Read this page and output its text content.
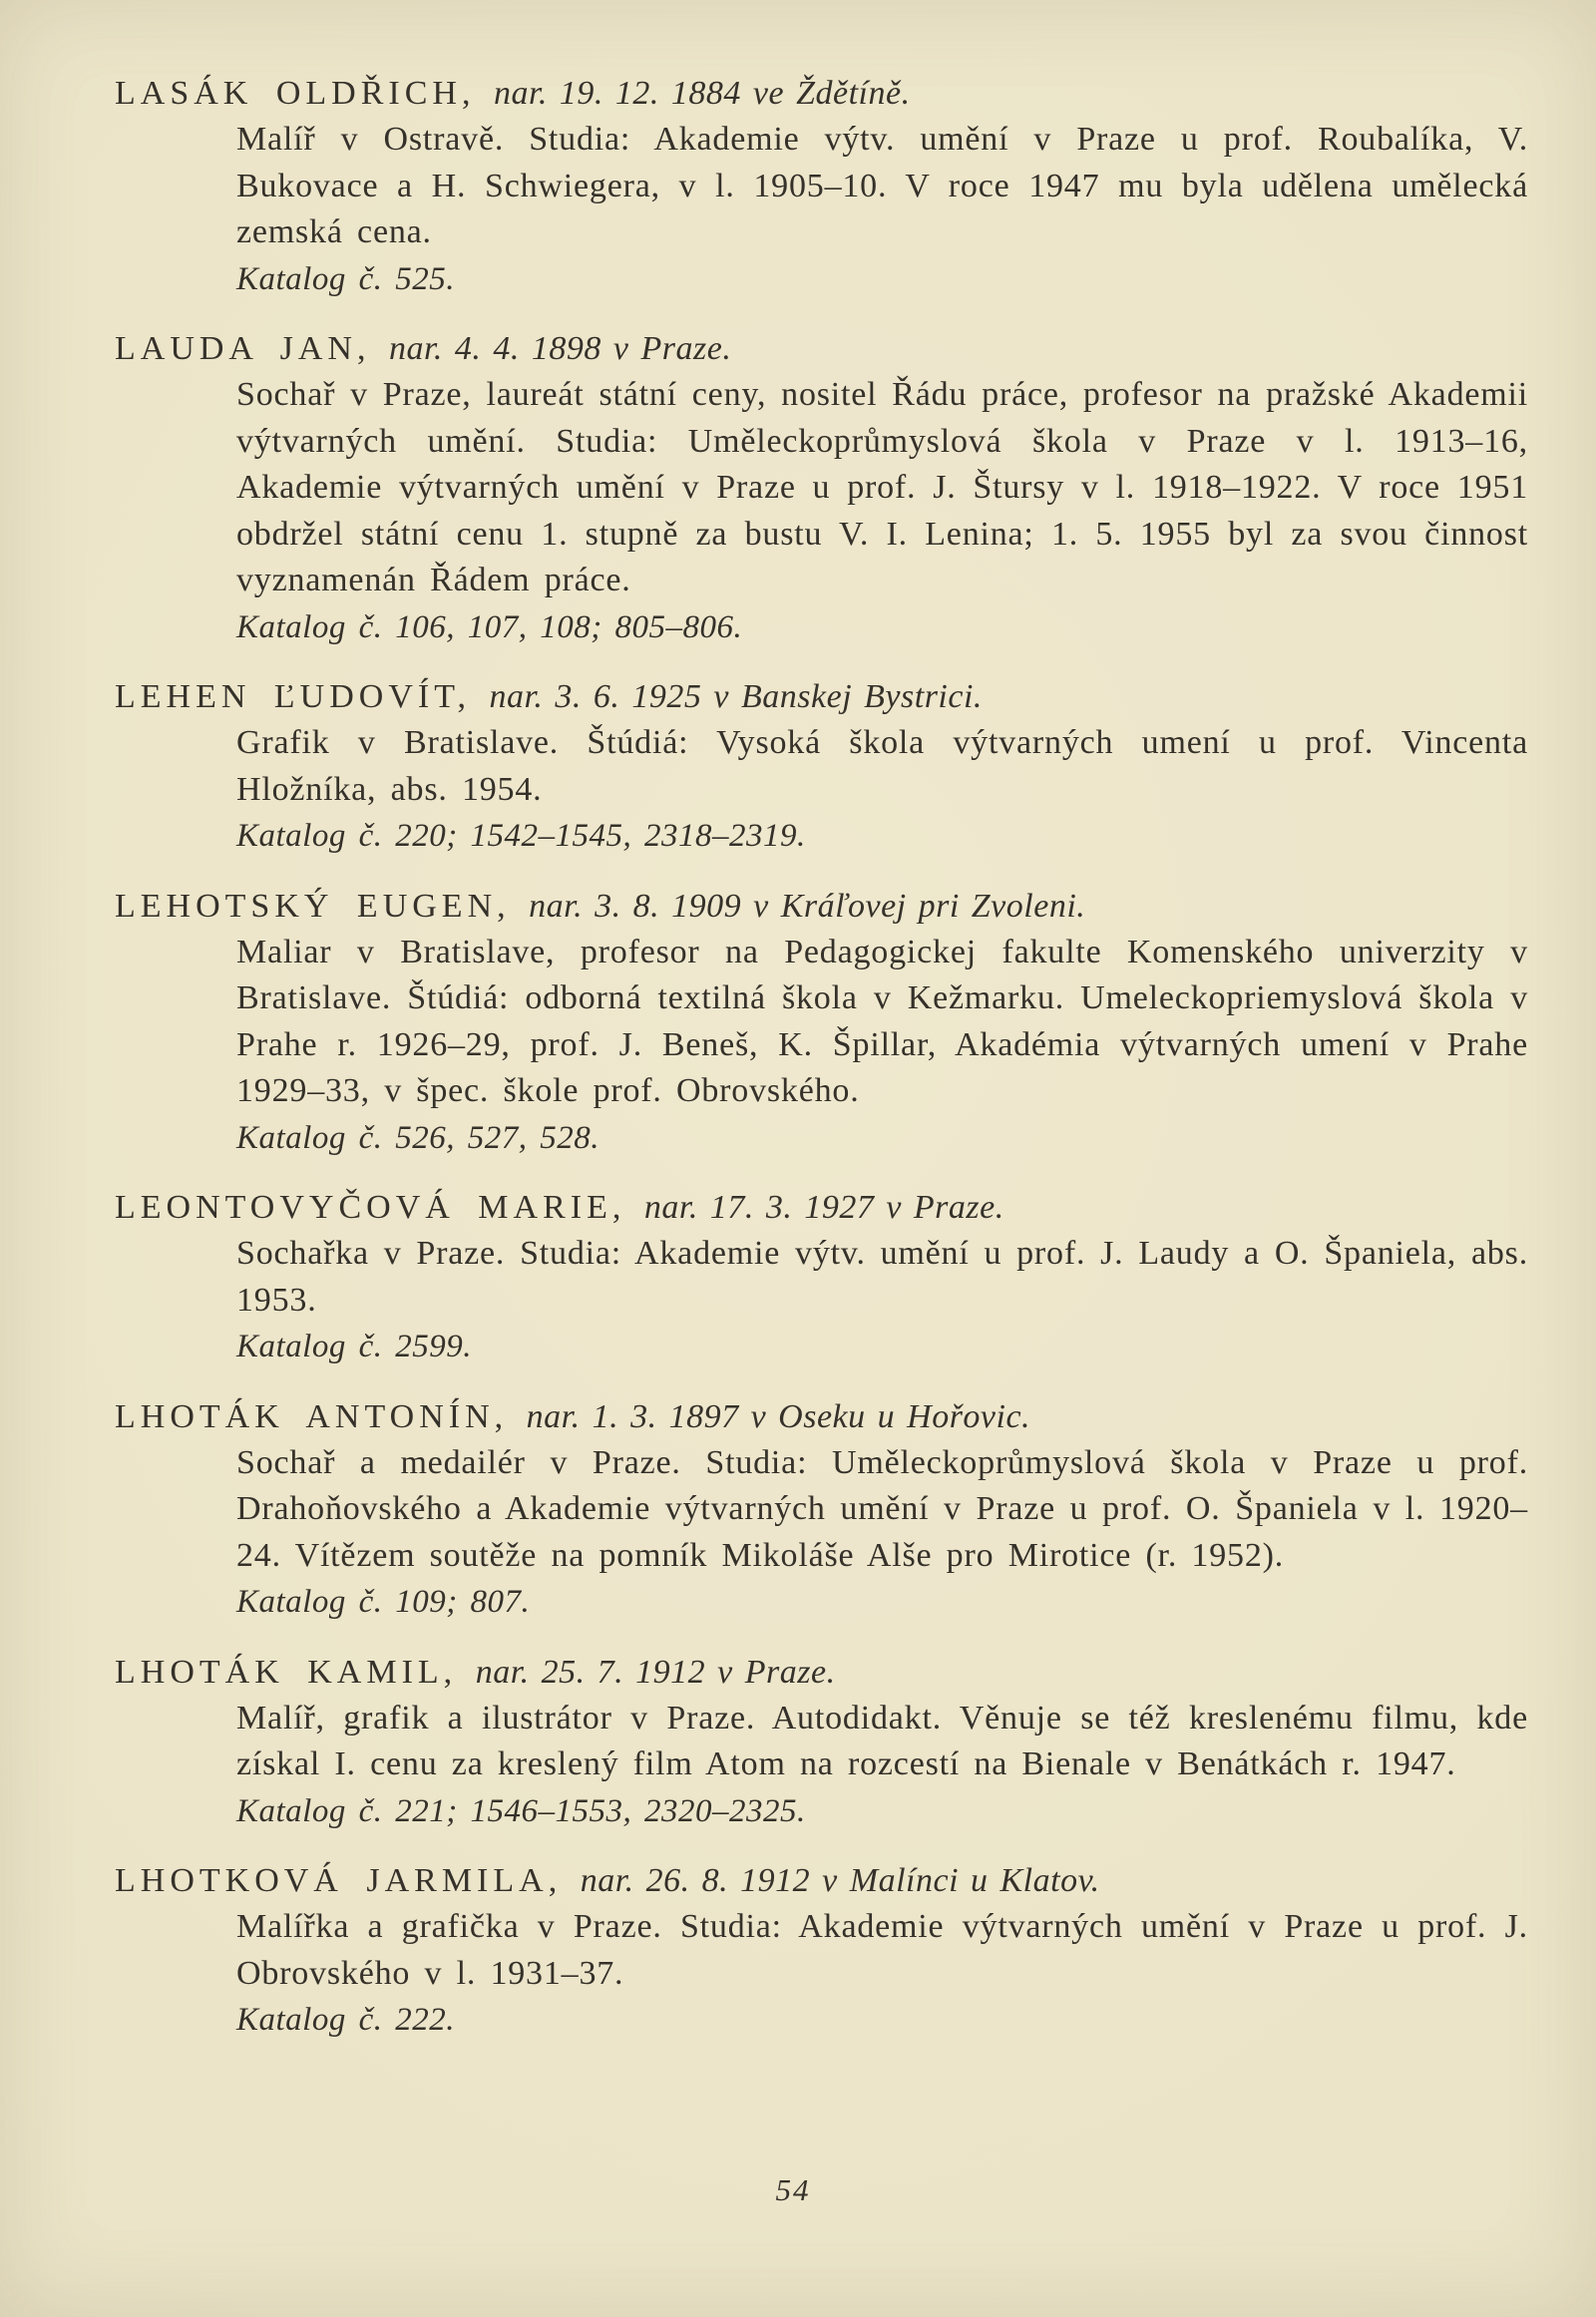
LASÁK OLDŘICH, nar. 19. 12. 1884 ve Ždětíně.

Malíř v Ostravě. Studia: Akademie výtv. umění v Praze u prof. Roubalíka, V. Bukovace a H. Schwiegera, v l. 1905–10. V roce 1947 mu byla udělena umělecká zemská cena.

Katalog č. 525.

LAUDA JAN, nar. 4. 4. 1898 v Praze.

Sochař v Praze, laureát státní ceny, nositel Řádu práce, profesor na pražské Akademii výtvarných umění. Studia: Uměleckoprůmyslová škola v Praze v l. 1913–16, Akademie výtvarných umění v Praze u prof. J. Štursy v l. 1918–1922. V roce 1951 obdržel státní cenu 1. stupně za bustu V. I. Lenina; 1. 5. 1955 byl za svou činnost vyznamenán Řádem práce.

Katalog č. 106, 107, 108; 805–806.

LEHEN ĽUDOVÍT, nar. 3. 6. 1925 v Banskej Bystrici.

Grafik v Bratislave. Štúdiá: Vysoká škola výtvarných umení u prof. Vincenta Hložníka, abs. 1954.

Katalog č. 220; 1542–1545, 2318–2319.

LEHOTSKÝ EUGEN, nar. 3. 8. 1909 v Kráľovej pri Zvoleni.

Maliar v Bratislave, profesor na Pedagogickej fakulte Komenského univerzity v Bratislave. Štúdiá: odborná textilná škola v Kežmarku. Umeleckopriemyslová škola v Prahe r. 1926–29, prof. J. Beneš, K. Špillar, Akadémia výtvarných umení v Prahe 1929–33, v špec. škole prof. Obrovského.

Katalog č. 526, 527, 528.

LEONTOVYČOVÁ MARIE, nar. 17. 3. 1927 v Praze.

Sochařka v Praze. Studia: Akademie výtv. umění u prof. J. Laudy a O. Španiela, abs. 1953.

Katalog č. 2599.

LHOTÁK ANTONÍN, nar. 1. 3. 1897 v Oseku u Hořovic.

Sochař a medailér v Praze. Studia: Uměleckoprůmyslová škola v Praze u prof. Drahoňovského a Akademie výtvarných umění v Praze u prof. O. Španiela v l. 1920–24. Vítězem soutěže na pomník Mikoláše Alše pro Mirotice (r. 1952).

Katalog č. 109; 807.

LHOTÁK KAMIL, nar. 25. 7. 1912 v Praze.

Malíř, grafik a ilustrátor v Praze. Autodidakt. Věnuje se též kreslenému filmu, kde získal I. cenu za kreslený film Atom na rozcestí na Bienale v Benátkách r. 1947.

Katalog č. 221; 1546–1553, 2320–2325.

LHOTKOVÁ JARMILA, nar. 26. 8. 1912 v Malínci u Klatov.

Malířka a grafička v Praze. Studia: Akademie výtvarných umění v Praze u prof. J. Obrovského v l. 1931–37.

Katalog č. 222.

54
